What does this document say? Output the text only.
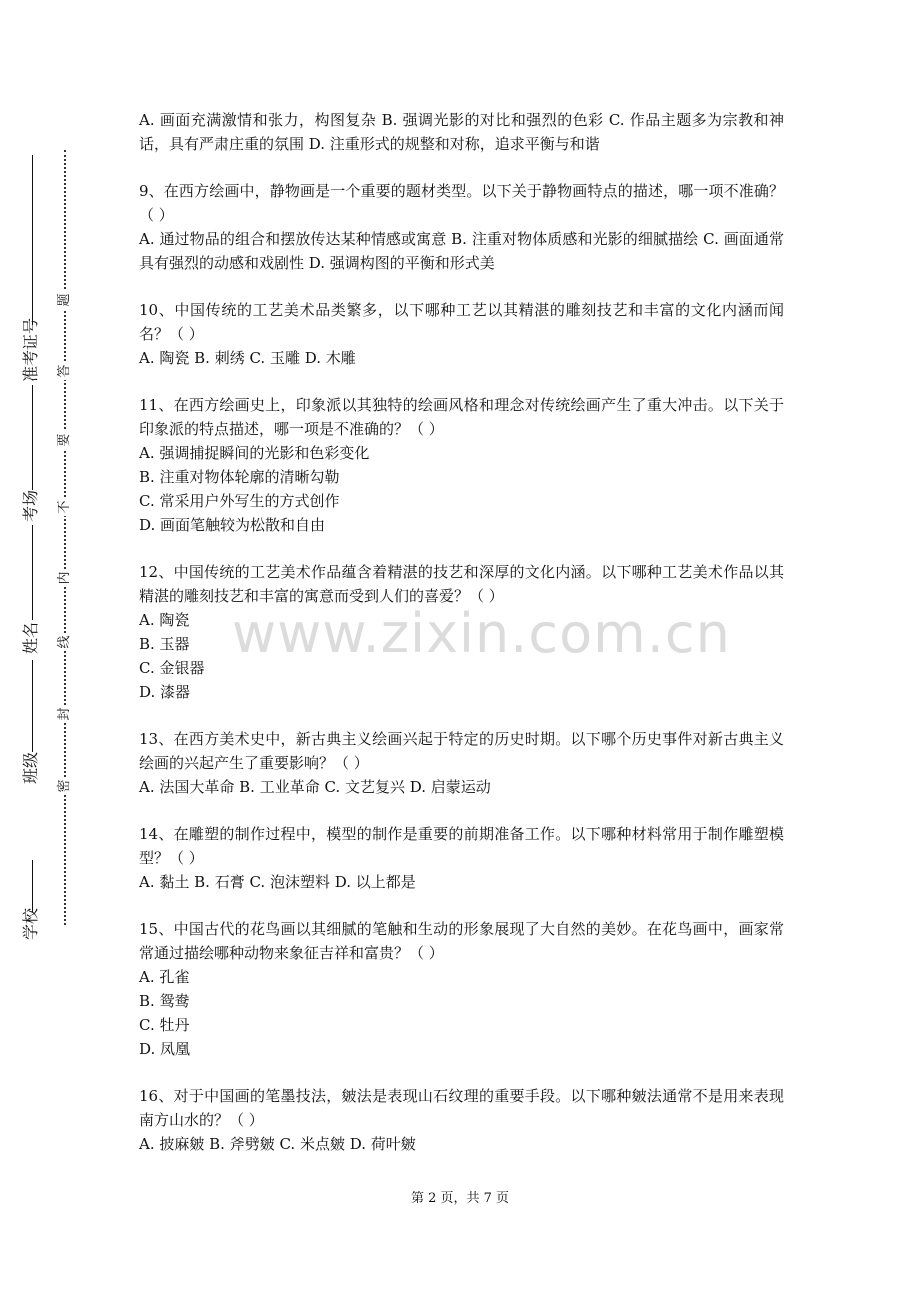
密
封
线
内
不
要
答
题
学校
班级
姓名
考场
准考证号
www.zixin.com.cn

A. 画面充满激情和张力，构图复杂 B. 强调光影的对比和强烈的色彩 C. 作品主题多为宗教和神话，具有严肃庄重的氛围 D. 注重形式的规整和对称，追求平衡与和谐

9、在西方绘画中，静物画是一个重要的题材类型。以下关于静物画特点的描述，哪一项不准确？（ ）

A. 通过物品的组合和摆放传达某种情感或寓意 B. 注重对物体质感和光影的细腻描绘 C. 画面通常具有强烈的动感和戏剧性 D. 强调构图的平衡和形式美

10、中国传统的工艺美术品类繁多，以下哪种工艺以其精湛的雕刻技艺和丰富的文化内涵而闻名？（ ）

A. 陶瓷 B. 刺绣 C. 玉雕 D. 木雕

11、在西方绘画史上，印象派以其独特的绘画风格和理念对传统绘画产生了重大冲击。以下关于印象派的特点描述，哪一项是不准确的？（ ）

A. 强调捕捉瞬间的光影和色彩变化

B. 注重对物体轮廓的清晰勾勒

C. 常采用户外写生的方式创作

D. 画面笔触较为松散和自由

12、中国传统的工艺美术作品蕴含着精湛的技艺和深厚的文化内涵。以下哪种工艺美术作品以其精湛的雕刻技艺和丰富的寓意而受到人们的喜爱？（ ）

A. 陶瓷

B. 玉器

C. 金银器

D. 漆器

13、在西方美术史中，新古典主义绘画兴起于特定的历史时期。以下哪个历史事件对新古典主义绘画的兴起产生了重要影响？（ ）

A. 法国大革命 B. 工业革命 C. 文艺复兴 D. 启蒙运动

14、在雕塑的制作过程中，模型的制作是重要的前期准备工作。以下哪种材料常用于制作雕塑模型？（ ）

A. 黏土 B. 石膏 C. 泡沫塑料 D. 以上都是

15、中国古代的花鸟画以其细腻的笔触和生动的形象展现了大自然的美妙。在花鸟画中，画家常常通过描绘哪种动物来象征吉祥和富贵？（ ）

A. 孔雀

B. 鸳鸯

C. 牡丹

D. 凤凰

16、对于中国画的笔墨技法，皴法是表现山石纹理的重要手段。以下哪种皴法通常不是用来表现南方山水的？（ ）

A. 披麻皴 B. 斧劈皴 C. 米点皴 D. 荷叶皴

第 2 页，共 7 页
